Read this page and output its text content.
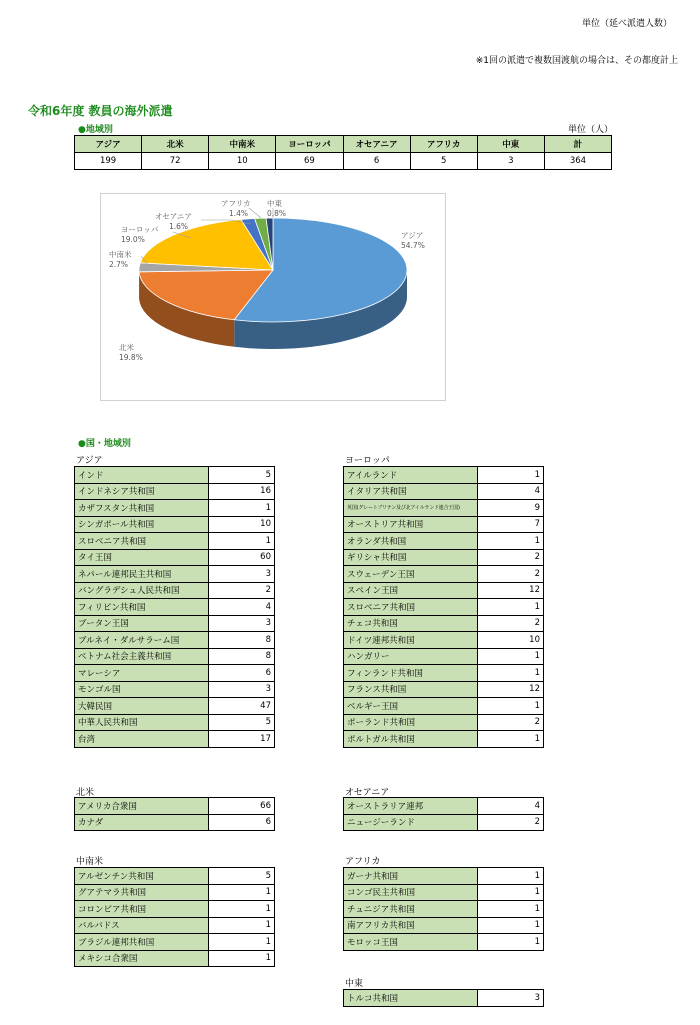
単位（延べ派遣人数）
※1回の派遣で複数国渡航の場合は、その都度計上
令和6年度 教員の海外派遣
●地域別	単位（人）
アジア	北米	中南米	ヨーロッパ	オセアニア	アフリカ	中東	計
199	72	10	69	6	5	3	364
アジア
54.7%
北米
19.8%
中南米
2.7%
ヨーロッパ
19.0%
オセアニア
1.6%
アフリカ
1.4%
中東
0.8%
●国・地域別
アジア
インド	5
インドネシア共和国	16
カザフスタン共和国	1
シンガポール共和国	10
スロベニア共和国	1
タイ王国	60
ネパール連邦民主共和国	3
バングラデシュ人民共和国	2
フィリピン共和国	4
ブータン王国	3
ブルネイ・ダルサラーム国	8
ベトナム社会主義共和国	8
マレーシア	6
モンゴル国	3
大韓民国	47
中華人民共和国	5
台湾	17
ヨーロッパ
アイルランド	1
イタリア共和国	4
英国(グレートブリテン及び北アイルランド連合王国)	9
オーストリア共和国	7
オランダ共和国	1
ギリシャ共和国	2
スウェーデン王国	2
スペイン王国	12
スロベニア共和国	1
チェコ共和国	2
ドイツ連邦共和国	10
ハンガリー	1
フィンランド共和国	1
フランス共和国	12
ベルギー王国	1
ポーランド共和国	2
ポルトガル共和国	1
北米
アメリカ合衆国	66
カナダ	6
オセアニア
オーストラリア連邦	4
ニュージーランド	2
中南米
アルゼンチン共和国	5
グアテマラ共和国	1
コロンビア共和国	1
バルバドス	1
ブラジル連邦共和国	1
メキシコ合衆国	1
アフリカ
ガーナ共和国	1
コンゴ民主共和国	1
チュニジア共和国	1
南アフリカ共和国	1
モロッコ王国	1
中東
トルコ共和国	3
